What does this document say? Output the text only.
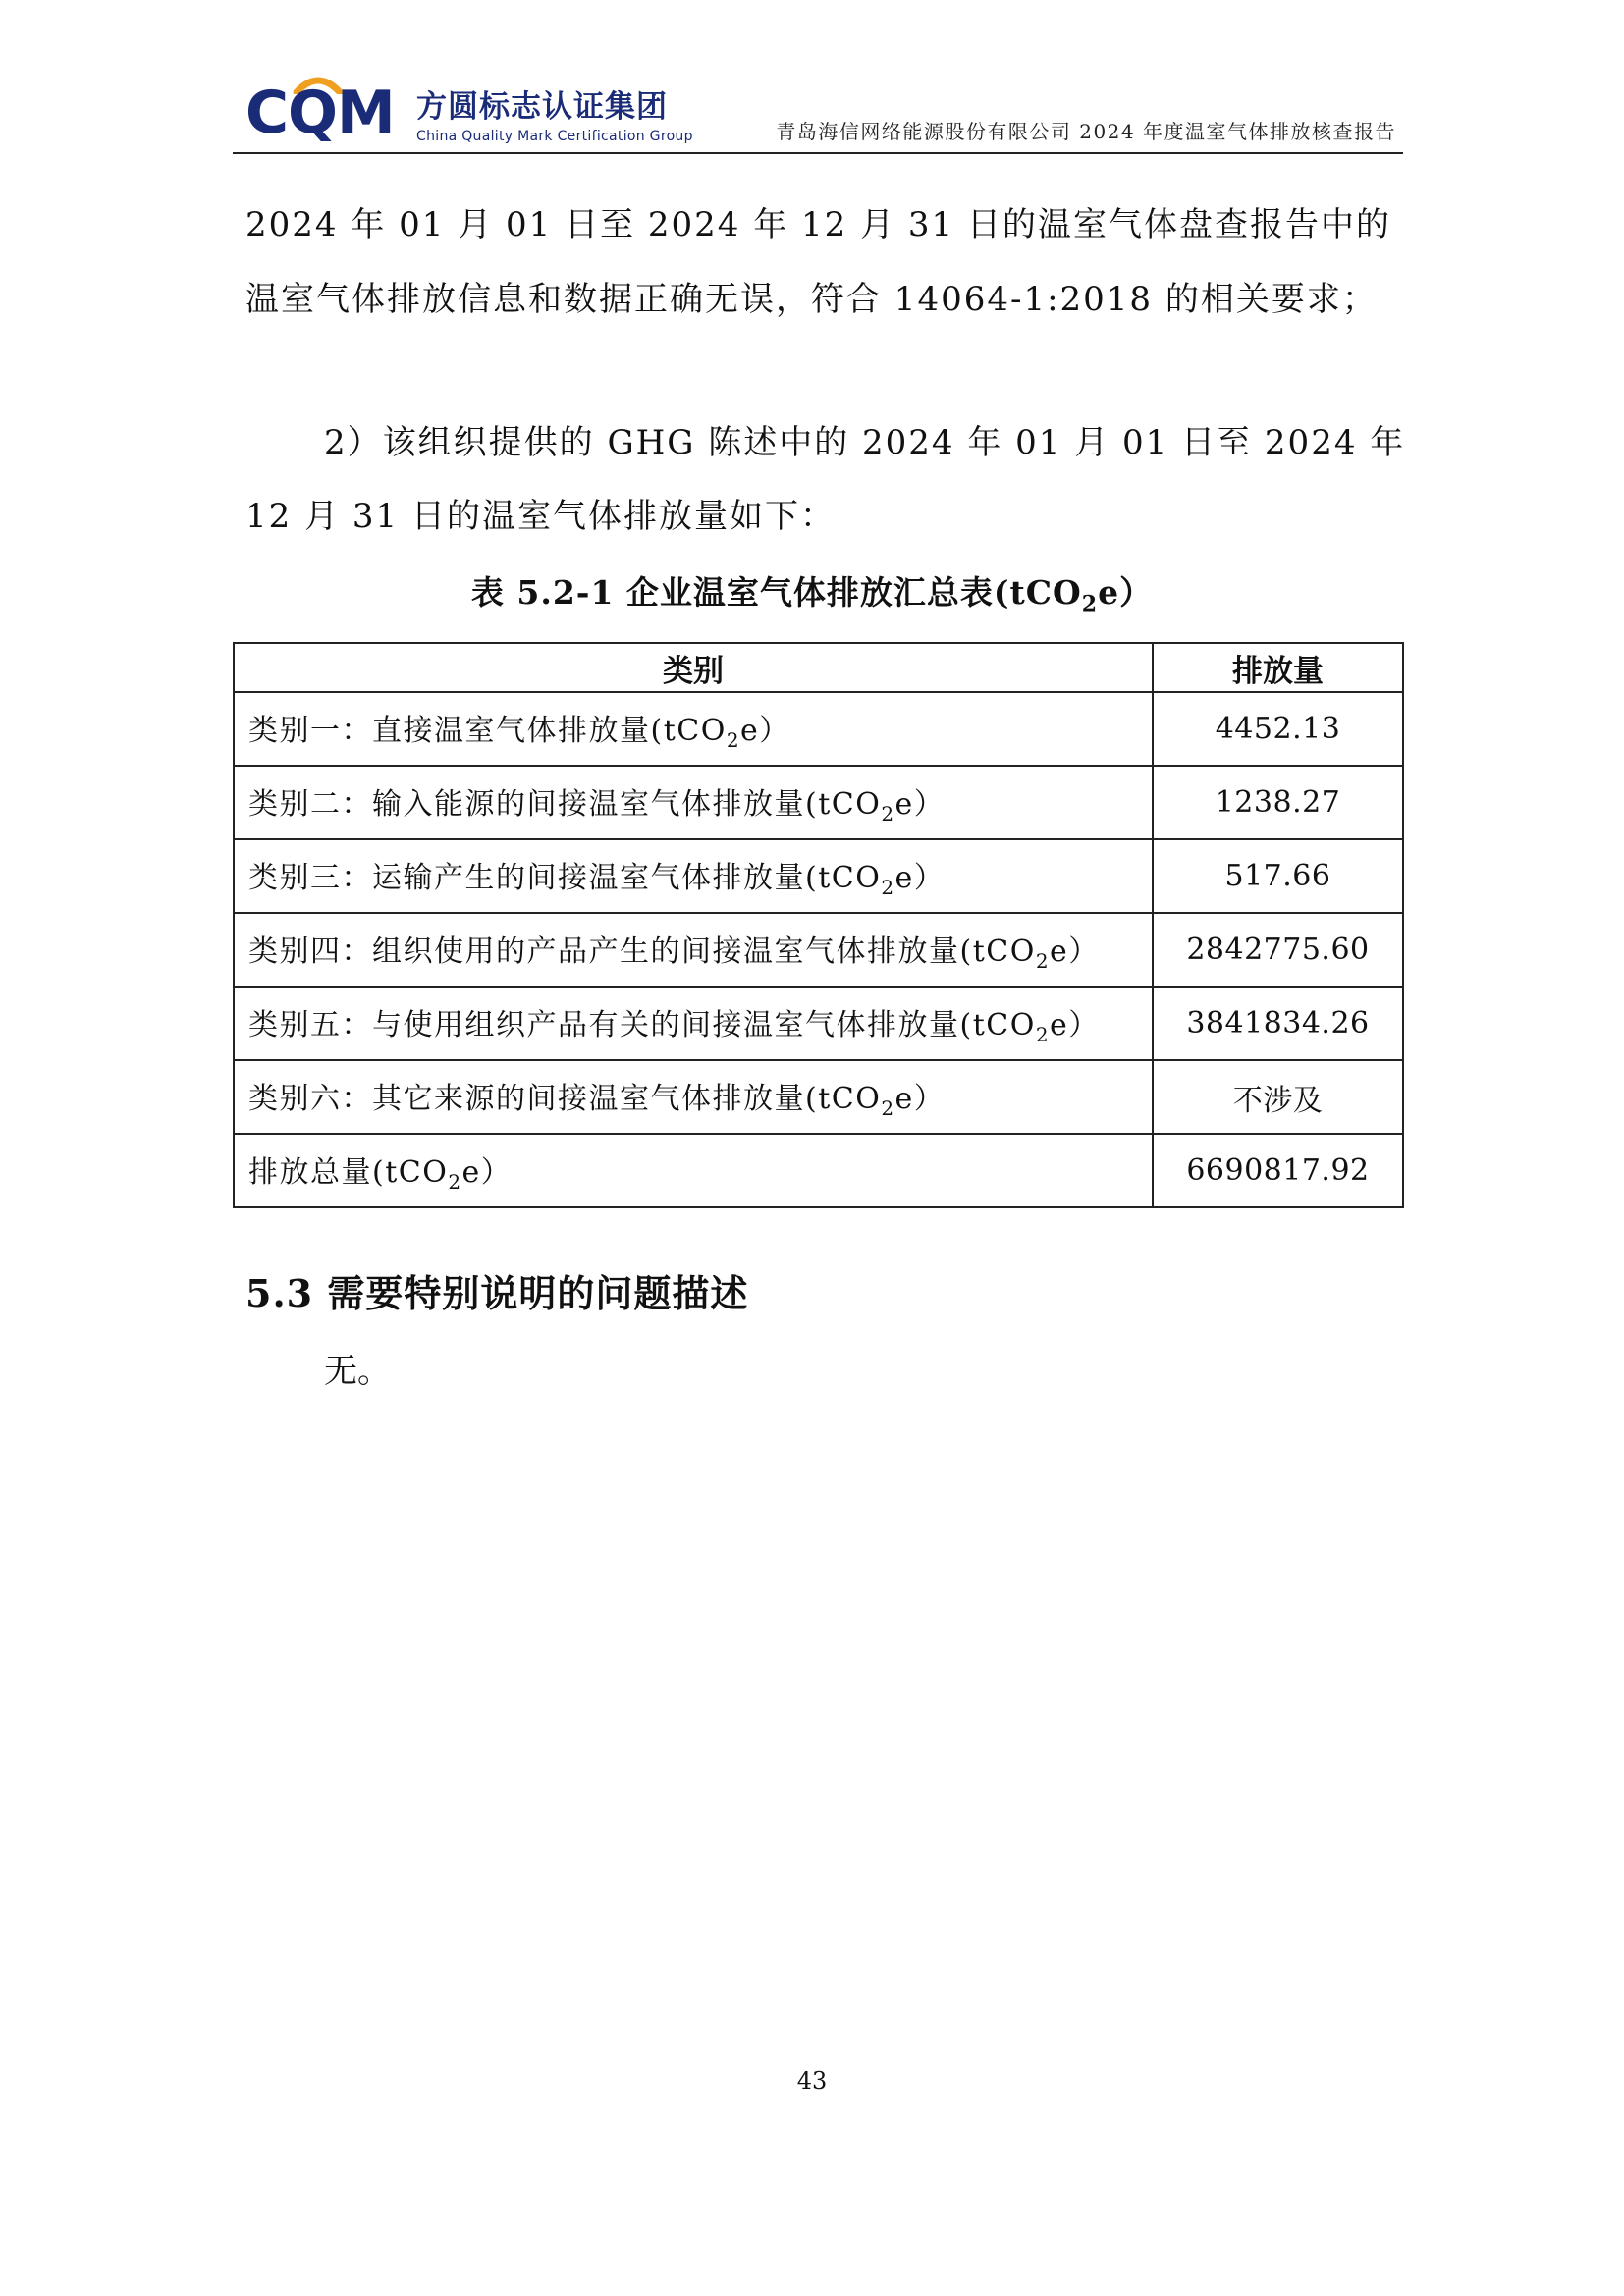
CQM 方圆标志认证集团
China Quality Mark Certification Group	青岛海信网络能源股份有限公司 2024 年度温室气体排放核查报告
2024 年 01 月 01 日至 2024 年 12 月 31 日的温室气体盘查报告中的
温室气体排放信息和数据正确无误，符合 14064-1:2018 的相关要求；
2）该组织提供的 GHG 陈述中的 2024 年 01 月 01 日至 2024 年
12 月 31 日的温室气体排放量如下：
表 5.2-1 企业温室气体排放汇总表(tCO$_2$e）
类别	排放量
类别一：直接温室气体排放量(tCO$_2$e）	4452.13
类别二：输入能源的间接温室气体排放量(tCO$_2$e）	1238.27
类别三：运输产生的间接温室气体排放量(tCO$_2$e）	517.66
类别四：组织使用的产品产生的间接温室气体排放量(tCO$_2$e）	2842775.60
类别五：与使用组织产品有关的间接温室气体排放量(tCO$_2$e）	3841834.26
类别六：其它来源的间接温室气体排放量(tCO$_2$e）	不涉及
排放总量(tCO$_2$e）	6690817.92
5.3 需要特别说明的问题描述
无。
43
